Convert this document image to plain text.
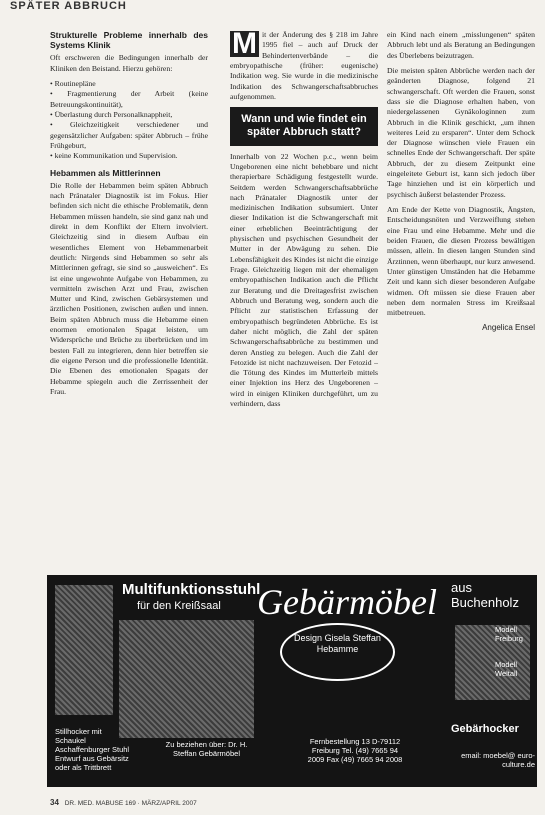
SPÄTER ABBRUCH
Strukturelle Probleme innerhalb des Systems Klinik

Oft erschweren die Bedingungen innerhalb der Kliniken den Beistand. Hierzu gehören:

• Routinepläne
• Fragmentierung der Arbeit (keine Betreuungskontinuität),
• Überlastung durch Personalknappheit,
• Gleichzeitigkeit verschiedener und gegensätzlicher Aufgaben: später Abbruch – frühe Frühgeburt,
• keine Kommunikation und Supervision.
Hebammen als Mittlerinnen

Die Rolle der Hebammen beim späten Abbruch nach Pränataler Diagnostik ist im Fokus. Hier befinden sich nicht die ethische Problematik, denn Hebammen müssen handeln, sie sind ganz nah und direkt in dem Konflikt der Eltern involviert. Gleichzeitig sind in diesem Aufbau ein wesentliches Element von Hebammenarbeit deutlich: Nirgends sind Hebammen so sehr als Mittlerinnen gefragt, sie sind so „ausweichen“. Es ist eine ungewohnte Aufgabe von Hebammen, zu vermitteln zwischen Arzt und Frau, zwischen Mutter und Kind, zwischen Gebärsystemen und ärztlichen Positionen, zwischen außen und innen. Beim späten Abbruch muss die Hebamme einen enormen emotionalen Spagat leisten, um Widersprüche und Brüche zu überbrücken und im besten Fall zu integrieren, denn hier betreffen sie die eigene Person und die professionelle Identität. Die Ebenen des emotionalen Spagats der Hebamme spiegeln auch die Zerrissenheit der Frau.

M it der Änderung des § 218 im Jahre 1995 fiel – auch auf Druck der Behindertenverbände – die embryopathische (früher: eugenische) Indikation weg. Sie wurde in die medizinische Indikation des Schwangerschaftsabbruches aufgenommen.

Wann und wie findet ein später Abbruch statt?

Innerhalb von 22 Wochen p.c., wenn beim Ungeborenen eine nicht behebbare und nicht therapierbare Schädigung festgestellt wurde. Seitdem werden Schwangerschaftsabbrüche nach Pränataler Diagnostik unter der medizinischen Indikation subsumiert. Unter dieser Indikation ist die Schwangerschaft mit einer erheblichen Beeinträchtigung der physischen und psychischen Gesundheit der Mutter in der Abwägung zu sehen. Die Lebensfähigkeit des Kindes ist nicht die einzige Frage. Gleichzeitig liegen mit der ehemaligen embryopathischen Indikation auch die Pflicht zur Beratung und die Dreitagesfrist zwischen Abbruch und Beratung weg, sondern auch die Pflicht zur statistischen Erfassung der embryopathisch begründeten Abbrüche. Es ist daher nicht möglich, die Zahl der späten Schwangerschaftsabbrüche zu bestimmen und deren Anstieg zu belegen. Auch die Zahl der Fetozide ist nicht nachzuweisen. Der Fetozid – die Tötung des Kindes im Mutterleib mittels einer Injektion ins Herz des Ungeborenen – wird in einigen Kliniken durchgeführt, um zu verhindern, dass

ein Kind nach einem „misslungenen“ späten Abbruch lebt und als Beratung an Bedingungen des Überlebens beizutragen.

Die meisten späten Abbrüche werden nach der geänderten Diagnose, folgend 21 schwangerschaft. Oft werden die Frauen, sonst dass sie die Diagnose erhalten haben, von niedergelassenen Gynäkologinnen zum Abbruch in die Klinik geschickt, „um ihnen weiteres Leid zu ersparen“. Unter dem Schock der Diagnose wünschen viele Frauen ein schnelles Ende der Schwangerschaft. Der späte Abbruch, der zu diesem Zeitpunkt eine eingeleitete Geburt ist, kann sich jedoch über Tage hinziehen und ist ein körperlich und psychisch äußerst belastender Prozess.

Am Ende der Kette von Diagnostik, Ängsten, Entscheidungsnöten und Verzweiflung stehen eine Frau und eine Hebamme. Mehr und die beiden Frauen, die diesen Prozess bewältigen müssen, allein. In diesen langen Stunden sind Ärztinnen, wenn überhaupt, nur kurz anwesend. Unter günstigen Umständen hat die Hebamme Zeit und kann sich dieser besonderen Aufgabe widmen. Oft müssen sie diese Frauen aber neben dem normalen Stress im Kreißsaal mitbetreuen.

Angelica Ensel
Multifunktionsstuhl
für den Kreißsaal Gebärmöbel aus Buchenholz
Design Gisela Steffan Hebamme
Stillhocker mit Schaukel Aschaffenburger Stuhl Entwurf aus Gebärsitz oder als Trittbrett
Zu beziehen über: Dr. H. Steffan Gebärmöbel
Fernbestellung 13 D-79112 Freiburg Tel. (49) 7665 94 2009 Fax (49) 7665 94 2008
Modell Freiburg
Modell Weltall
Gebärhocker
email: moebel@ euro-culture.de
34 DR. MED. MABUSE 169 · MÄRZ/APRIL 2007
